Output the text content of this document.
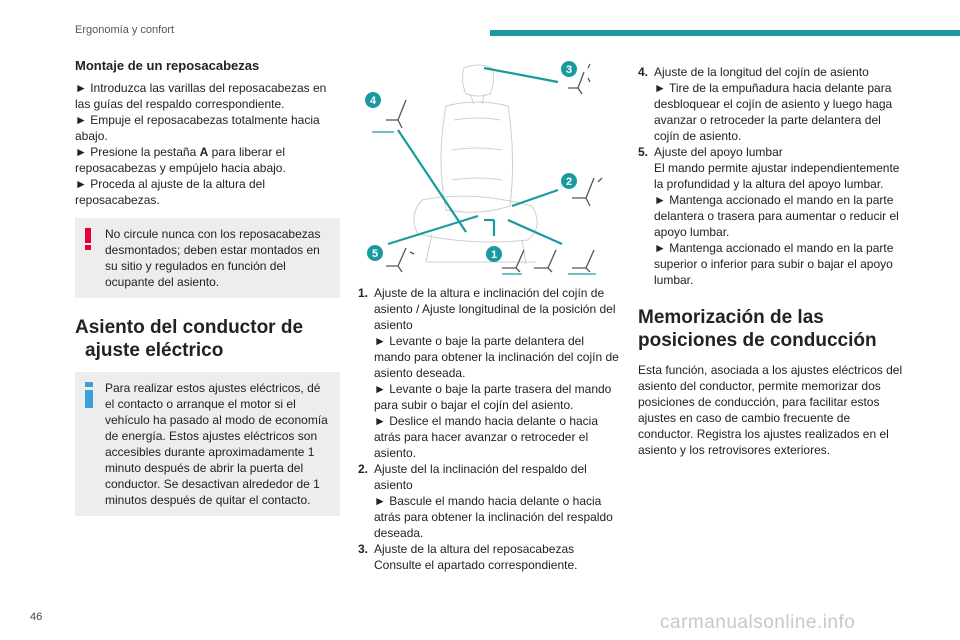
Ergonomía y confort
Montaje de un reposacabezas
► Introduzca las varillas del reposacabezas en las guías del respaldo correspondiente.
► Empuje el reposacabezas totalmente hacia abajo.
► Presione la pestaña A para liberar el reposacabezas y empújelo hacia abajo.
► Proceda al ajuste de la altura del reposacabezas.
No circule nunca con los reposacabezas desmontados; deben estar montados en su sitio y regulados en función del ocupante del asiento.
Asiento del conductor de
ajuste eléctrico
Para realizar estos ajustes eléctricos, dé el contacto o arranque el motor si el vehículo ha pasado al modo de economía de energía. Estos ajustes eléctricos son accesibles durante aproximadamente 1 minuto después de abrir la puerta del conductor. Se desactivan alrededor de 1 minutos después de quitar el contacto.
3
4
2
5	1
1. Ajuste de la altura e inclinación del cojín de asiento / Ajuste longitudinal de la posición del asiento
► Levante o baje la parte delantera del mando para obtener la inclinación del cojín de asiento deseada.
► Levante o baje la parte trasera del mando para subir o bajar el cojín del asiento.
► Deslice el mando hacia delante o hacia atrás para hacer avanzar o retroceder el asiento.
2. Ajuste del la inclinación del respaldo del asiento
► Bascule el mando hacia delante o hacia atrás para obtener la inclinación del respaldo deseada.
3. Ajuste de la altura del reposacabezas
Consulte el apartado correspondiente.
4. Ajuste de la longitud del cojín de asiento
► Tire de la empuñadura hacia delante para desbloquear el cojín de asiento y luego haga avanzar o retroceder la parte delantera del cojín de asiento.
5. Ajuste del apoyo lumbar
El mando permite ajustar independientemente la profundidad y la altura del apoyo lumbar.
► Mantenga accionado el mando en la parte delantera o trasera para aumentar o reducir el apoyo lumbar.
► Mantenga accionado el mando en la parte superior o inferior para subir o bajar el apoyo lumbar.
Memorización de las
posiciones de conducción
Esta función, asociada a los ajustes eléctricos del asiento del conductor, permite memorizar dos posiciones de conducción, para facilitar estos ajustes en caso de cambio frecuente de conductor. Registra los ajustes realizados en el asiento y los retrovisores exteriores.
46	carmanualsonline.info
